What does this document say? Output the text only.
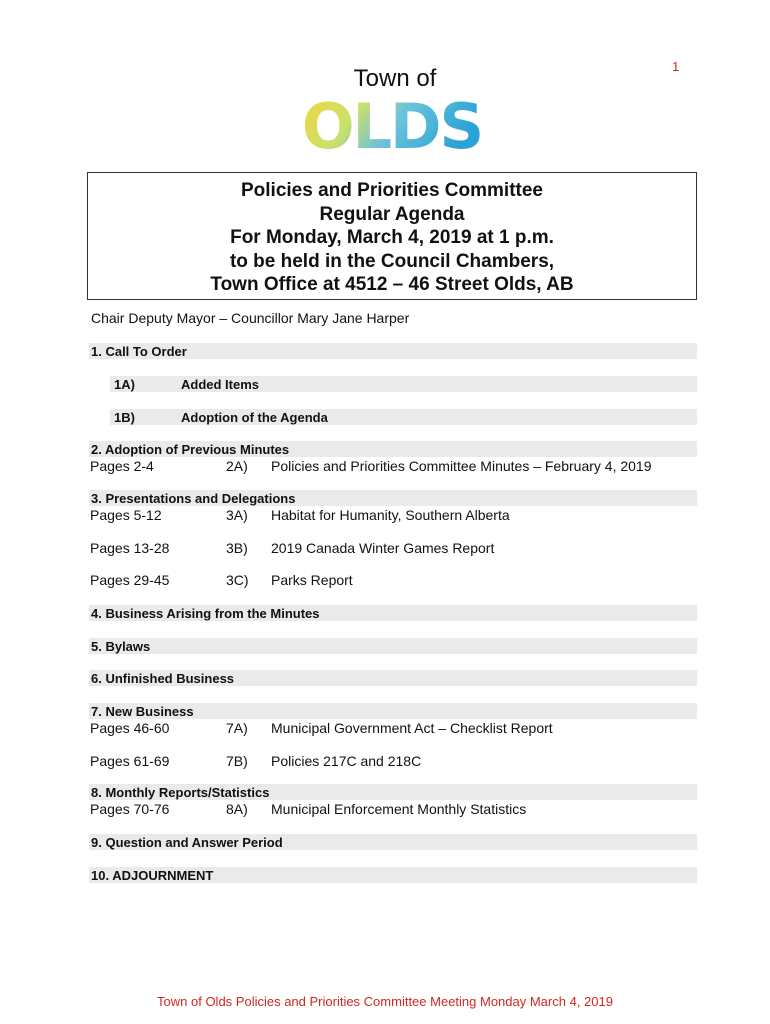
1
Town of
OLDS
Policies and Priorities Committee
Regular Agenda
For Monday, March 4, 2019 at 1 p.m.
to be held in the Council Chambers,
Town Office at 4512 – 46 Street Olds, AB
Chair Deputy Mayor – Councillor Mary Jane Harper
1. Call To Order
1A)	Added Items
1B)	Adoption of the Agenda
2. Adoption of Previous Minutes
Pages 2-4	2A) Policies and Priorities Committee Minutes – February 4, 2019
3. Presentations and Delegations
Pages 5-12	3A) Habitat for Humanity, Southern Alberta
Pages 13-28	3B) 2019 Canada Winter Games Report
Pages 29-45	3C) Parks Report
4. Business Arising from the Minutes
5. Bylaws
6. Unfinished Business
7. New Business
Pages 46-60	7A) Municipal Government Act – Checklist Report
Pages 61-69	7B) Policies 217C and 218C
8. Monthly Reports/Statistics
Pages 70-76	8A) Municipal Enforcement Monthly Statistics
9. Question and Answer Period
10. ADJOURNMENT
Town of Olds Policies and Priorities Committee Meeting Monday March 4, 2019
